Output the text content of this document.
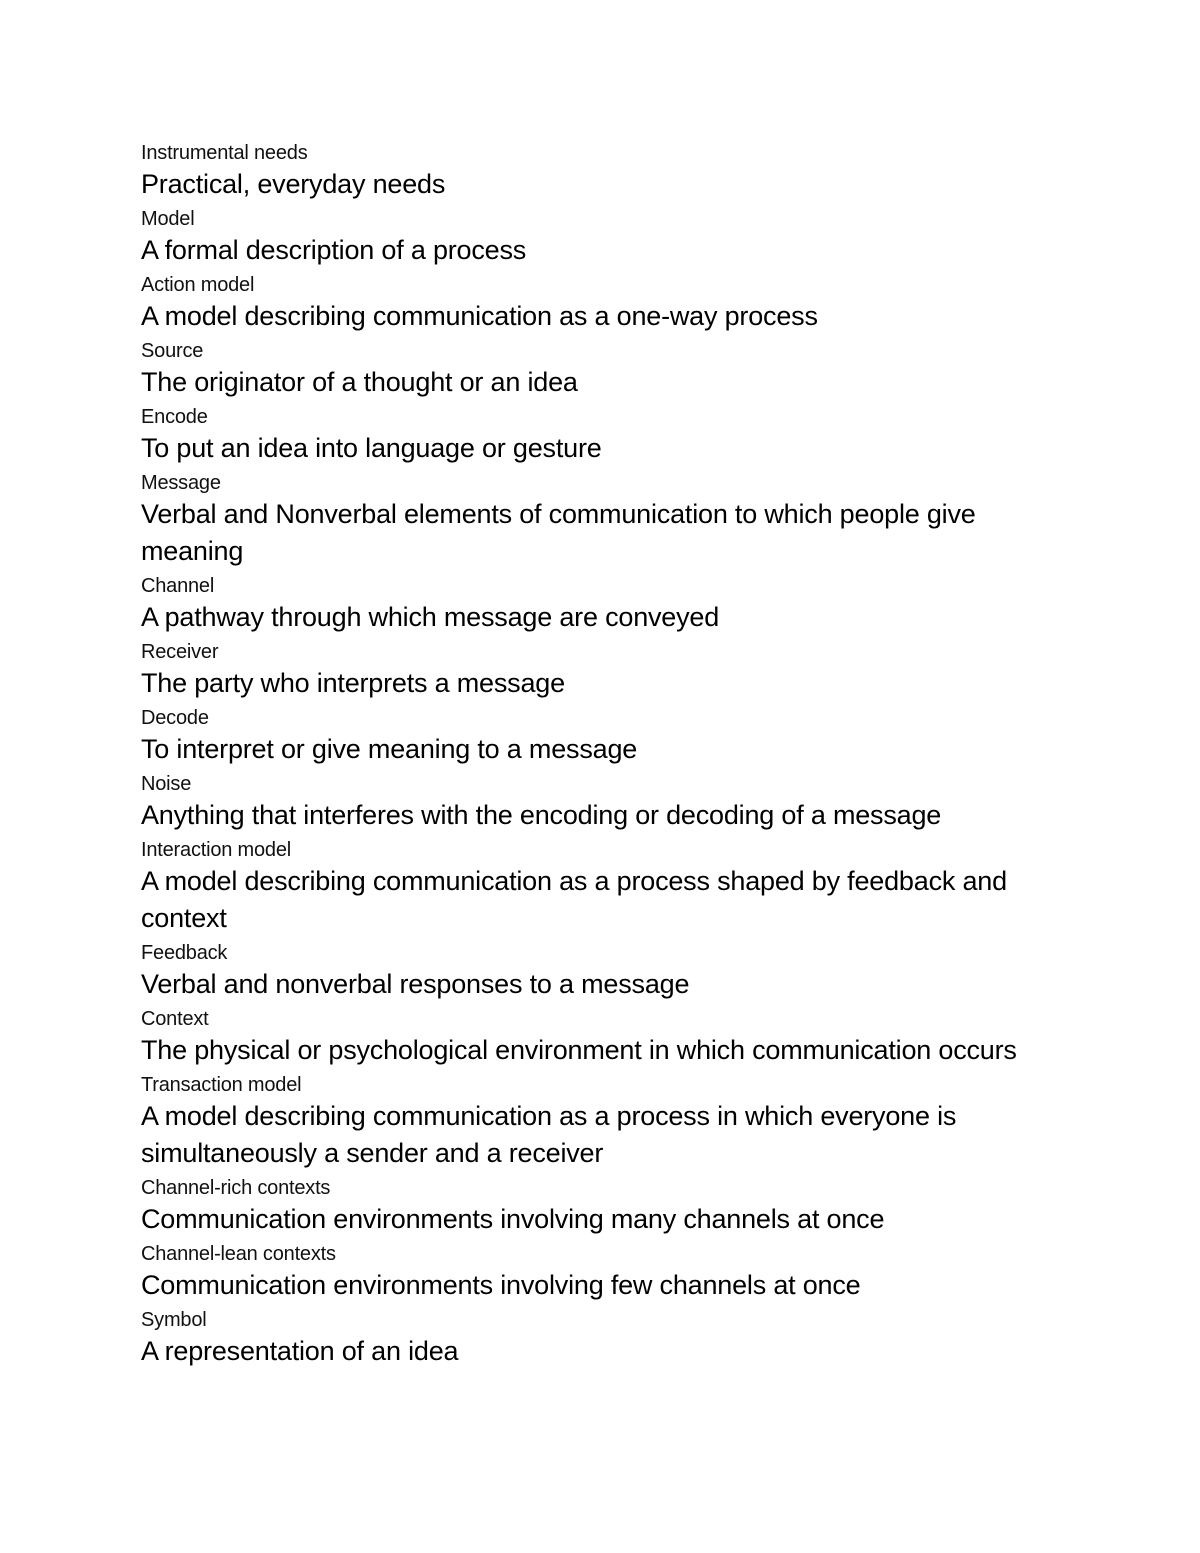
Instrumental needs
Practical, everyday needs
Model
A formal description of a process
Action model
A model describing communication as a one-way process
Source
The originator of a thought or an idea
Encode
To put an idea into language or gesture
Message
Verbal and Nonverbal elements of communication to which people give meaning
Channel
A pathway through which message are conveyed
Receiver
The party who interprets a message
Decode
To interpret or give meaning to a message
Noise
Anything that interferes with the encoding or decoding of a message
Interaction model
A model describing communication as a process shaped by feedback and context
Feedback
Verbal and nonverbal responses to a message
Context
The physical or psychological environment in which communication occurs
Transaction model
A model describing communication as a process in which everyone is simultaneously a sender and a receiver
Channel-rich contexts
Communication environments involving many channels at once
Channel-lean contexts
Communication environments involving few channels at once
Symbol
A representation of an idea
